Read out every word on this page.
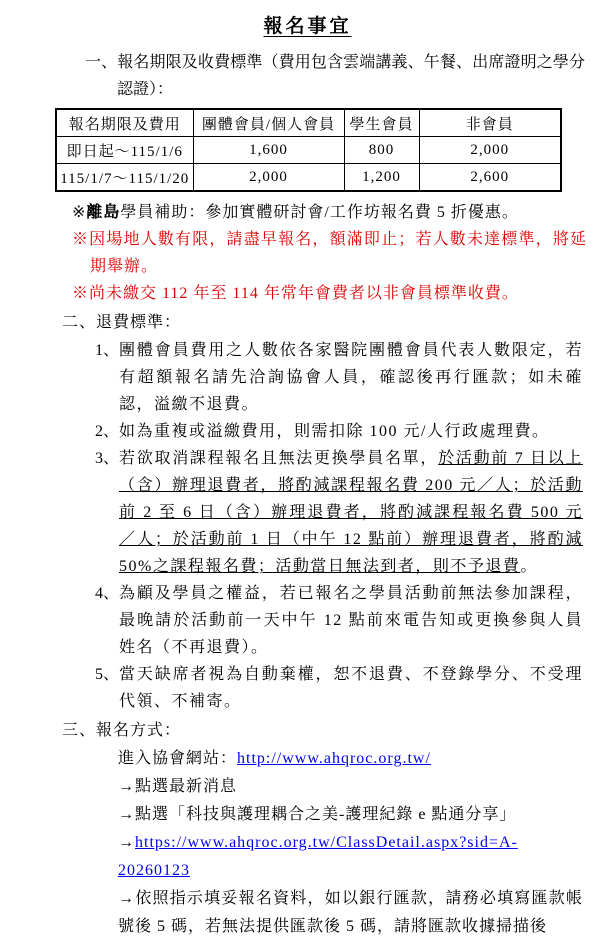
報名事宜
一、報名期限及收費標準（費用包含雲端講義、午餐、出席證明之學分認證）：
報名期限及費用	團體會員/個人會員	學生會員	非會員
即日起～115/1/6	1,600	800	2,000
115/1/7～115/1/20	2,000	1,200	2,600
※離島學員補助：參加實體研討會/工作坊報名費 5 折優惠。
※因場地人數有限，請盡早報名，額滿即止；若人數未達標準，將延期舉辦。
※尚未繳交 112 年至 114 年常年會費者以非會員標準收費。
二、退費標準：
1、 團體會員費用之人數依各家醫院團體會員代表人數限定，若有超額報名請先洽詢協會人員，確認後再行匯款；如未確認，溢繳不退費。
2、 如為重複或溢繳費用，則需扣除 100 元/人行政處理費。
3、 若欲取消課程報名且無法更換學員名單，於活動前 7 日以上（含）辦理退費者，將酌減課程報名費 200 元／人；於活動前 2 至 6 日（含）辦理退費者，將酌減課程報名費 500 元／人；於活動前 1 日（中午 12 點前）辦理退費者，將酌減50%之課程報名費；活動當日無法到者，則不予退費。
4、 為顧及學員之權益，若已報名之學員活動前無法參加課程，最晚請於活動前一天中午 12 點前來電告知或更換參與人員姓名（不再退費）。
5、 當天缺席者視為自動棄權，恕不退費、不登錄學分、不受理代領、不補寄。
三、報名方式：
進入協會網站：http://www.ahqroc.org.tw/
→點選最新消息
→點選「科技與護理耦合之美-護理紀錄 e 點通分享」
→https://www.ahqroc.org.tw/ClassDetail.aspx?sid=A-20260123
→依照指示填妥報名資料，如以銀行匯款，請務必填寫匯款帳號後 5 碼，若無法提供匯款後 5 碼，請將匯款收據掃描後
